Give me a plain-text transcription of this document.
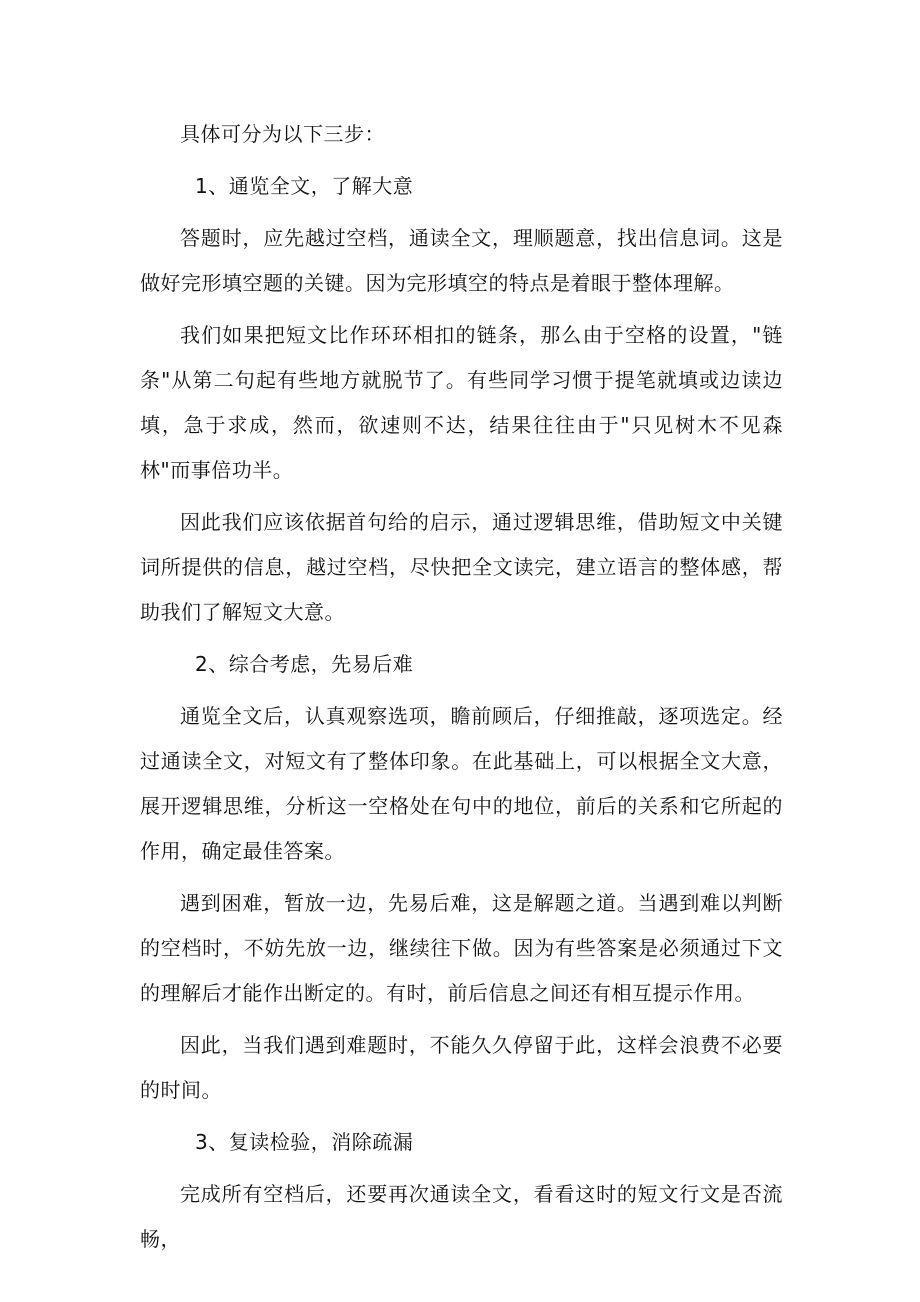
具体可分为以下三步：

1、通览全文，了解大意

答题时，应先越过空档，通读全文，理顺题意，找出信息词。这是做好完形填空题的关键。因为完形填空的特点是着眼于整体理解。

我们如果把短文比作环环相扣的链条，那么由于空格的设置，"链条"从第二句起有些地方就脱节了。有些同学习惯于提笔就填或边读边填，急于求成，然而，欲速则不达，结果往往由于"只见树木不见森林"而事倍功半。

因此我们应该依据首句给的启示，通过逻辑思维，借助短文中关键词所提供的信息，越过空档，尽快把全文读完，建立语言的整体感，帮助我们了解短文大意。

2、综合考虑，先易后难

通览全文后，认真观察选项，瞻前顾后，仔细推敲，逐项选定。经过通读全文，对短文有了整体印象。在此基础上，可以根据全文大意，展开逻辑思维，分析这一空格处在句中的地位，前后的关系和它所起的作用，确定最佳答案。

遇到困难，暂放一边，先易后难，这是解题之道。当遇到难以判断的空档时，不妨先放一边，继续往下做。因为有些答案是必须通过下文的理解后才能作出断定的。有时，前后信息之间还有相互提示作用。

因此，当我们遇到难题时，不能久久停留于此，这样会浪费不必要的时间。

3、复读检验，消除疏漏

完成所有空档后，还要再次通读全文，看看这时的短文行文是否流畅，
